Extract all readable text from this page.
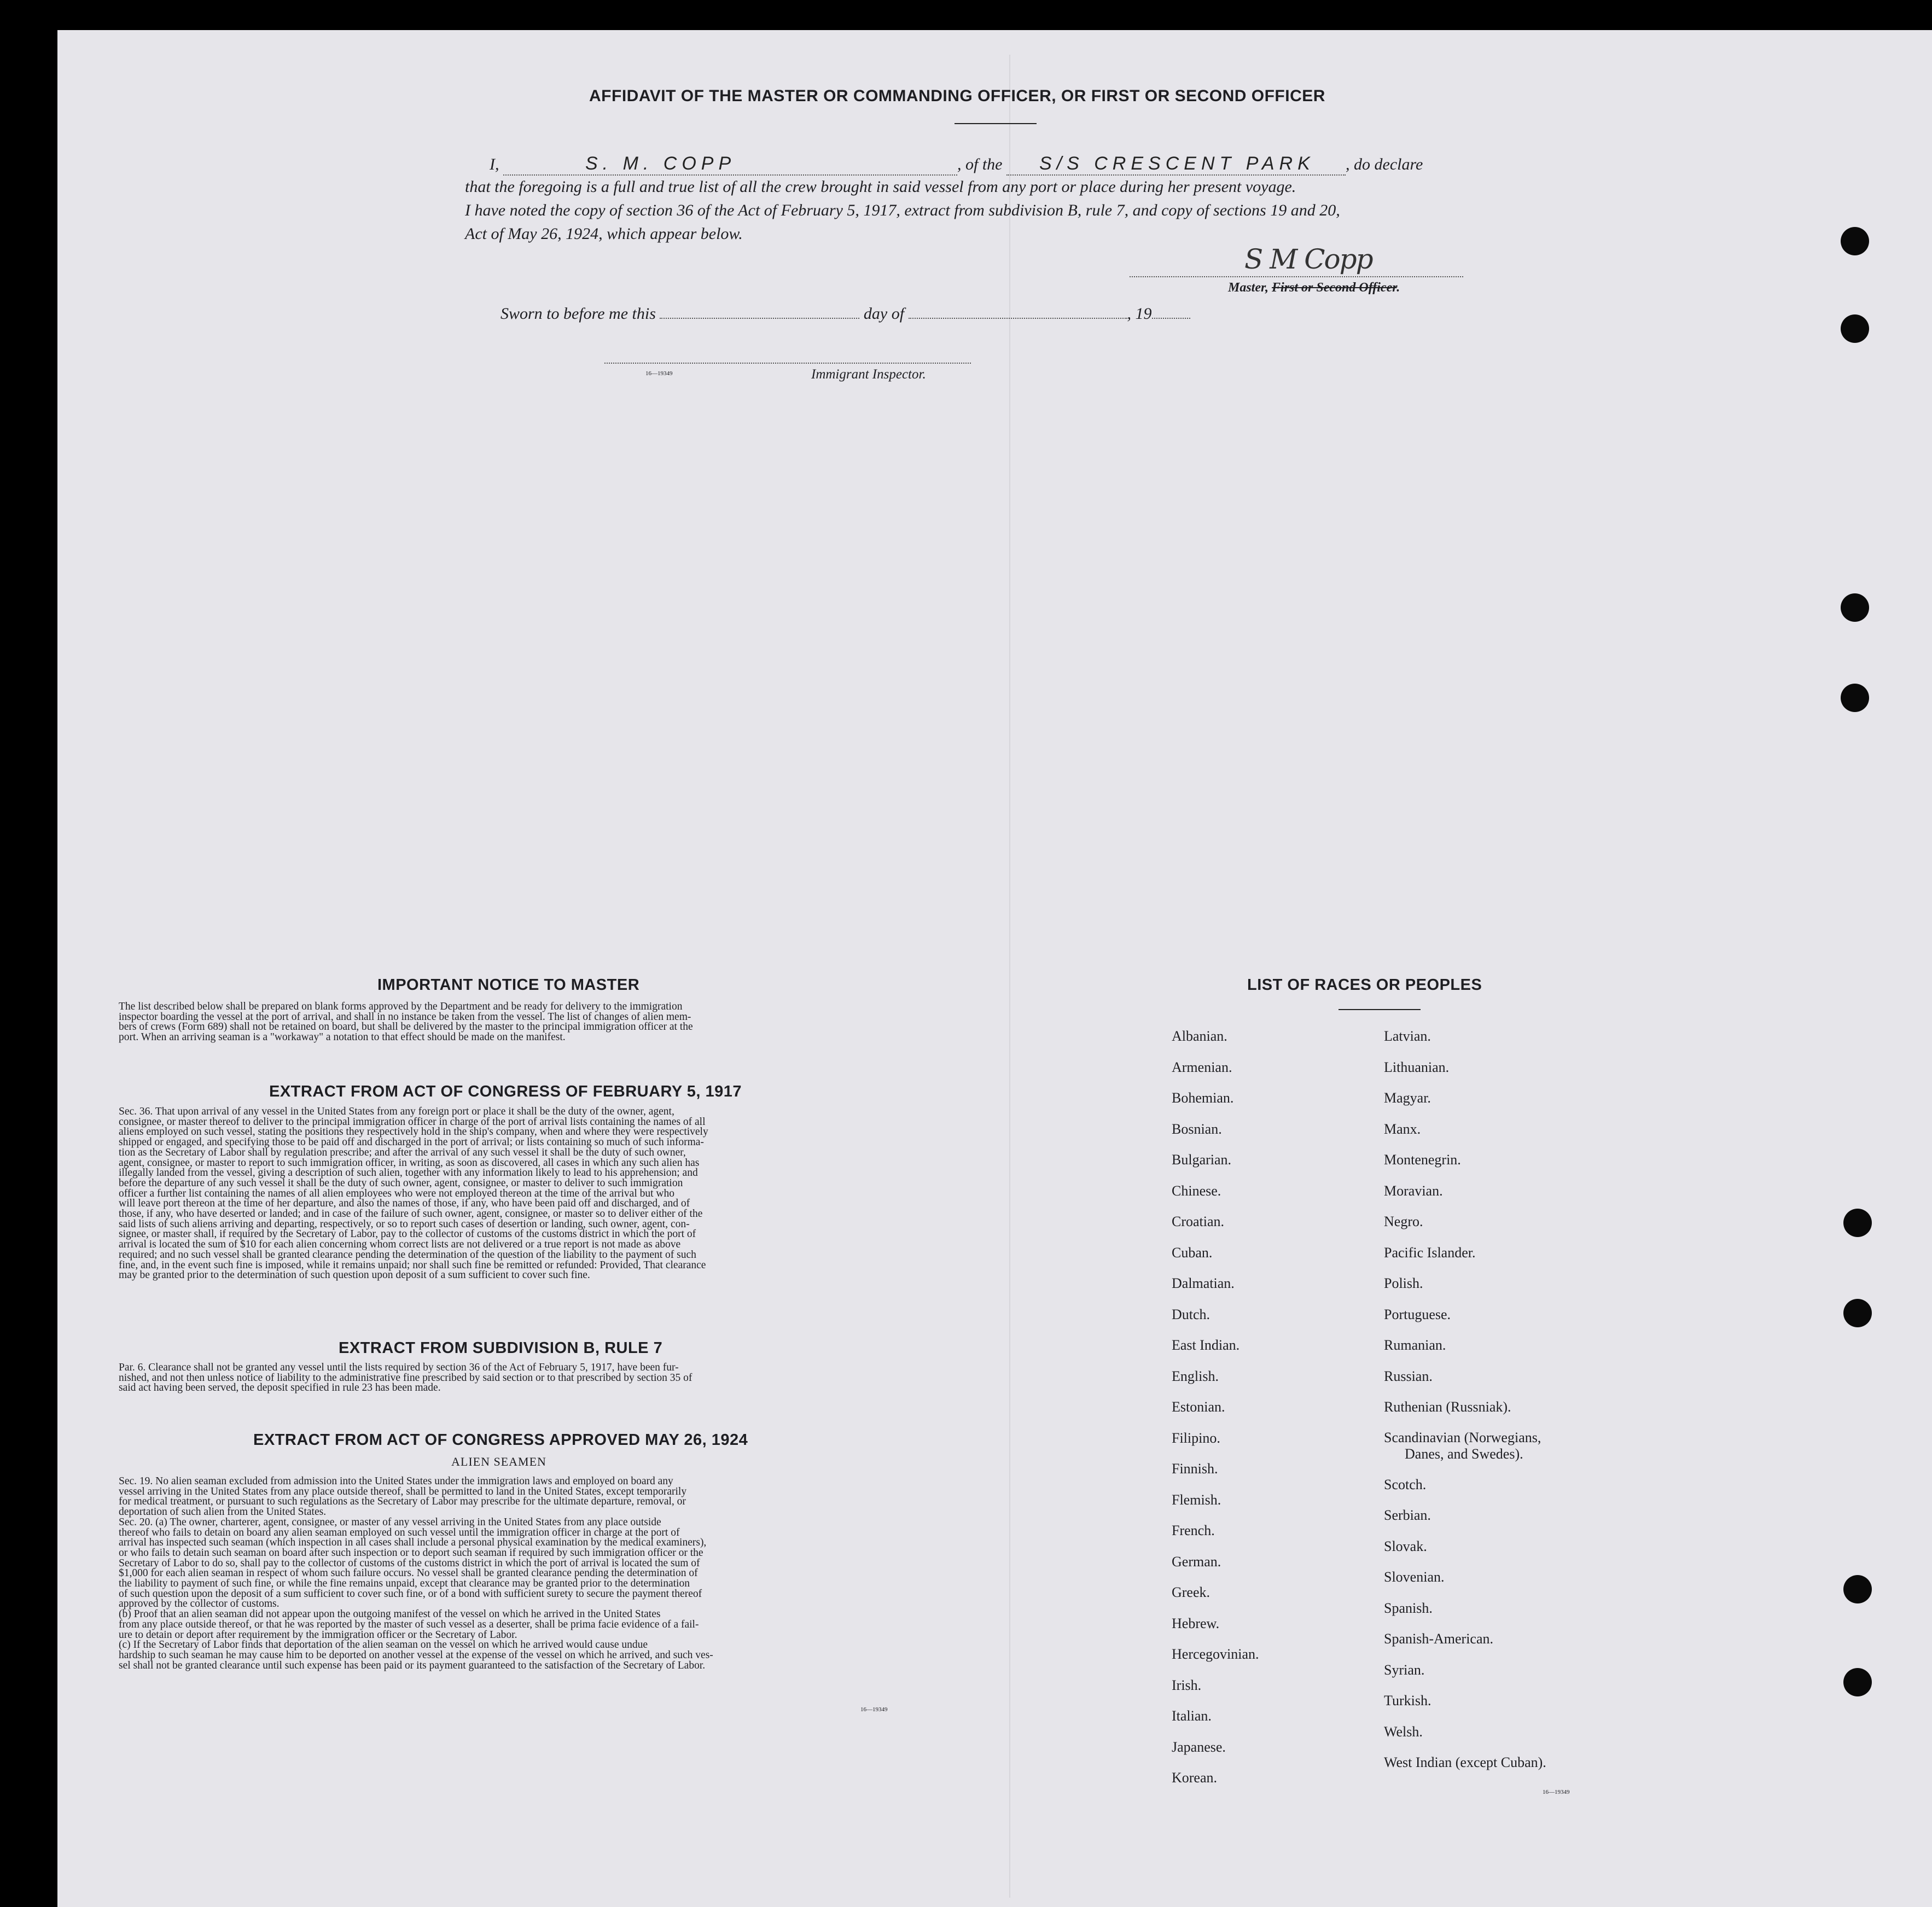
AFFIDAVIT OF THE MASTER OR COMMANDING OFFICER, OR FIRST OR SECOND OFFICER
I,	S. M. COPP	, of the S/S CRESCENT PARK , do declare
that the foregoing is a full and true list of all the crew brought in said vessel from any port or place during her present voyage.
I have noted the copy of section 36 of the Act of February 5, 1917, extract from subdivision B, rule 7, and copy of sections 19 and 20,
Act of May 26, 1924, which appear below.
S M Copp
Master, First or Second Officer.
Sworn to before me this	day of	, 19
16—19349	Immigrant Inspector.
IMPORTANT NOTICE TO MASTER
The list described below shall be prepared on blank forms approved by the Department and be ready for delivery to the immigration
inspector boarding the vessel at the port of arrival, and shall in no instance be taken from the vessel. The list of changes of alien mem-
bers of crews (Form 689) shall not be retained on board, but shall be delivered by the master to the principal immigration officer at the
port. When an arriving seaman is a "workaway" a notation to that effect should be made on the manifest.
EXTRACT FROM ACT OF CONGRESS OF FEBRUARY 5, 1917
Sec. 36. That upon arrival of any vessel in the United States from any foreign port or place it shall be the duty of the owner, agent,
consignee, or master thereof to deliver to the principal immigration officer in charge of the port of arrival lists containing the names of all
aliens employed on such vessel, stating the positions they respectively hold in the ship's company, when and where they were respectively
shipped or engaged, and specifying those to be paid off and discharged in the port of arrival; or lists containing so much of such informa-
tion as the Secretary of Labor shall by regulation prescribe; and after the arrival of any such vessel it shall be the duty of such owner,
agent, consignee, or master to report to such immigration officer, in writing, as soon as discovered, all cases in which any such alien has
illegally landed from the vessel, giving a description of such alien, together with any information likely to lead to his apprehension; and
before the departure of any such vessel it shall be the duty of such owner, agent, consignee, or master to deliver to such immigration
officer a further list containing the names of all alien employees who were not employed thereon at the time of the arrival but who
will leave port thereon at the time of her departure, and also the names of those, if any, who have been paid off and discharged, and of
those, if any, who have deserted or landed; and in case of the failure of such owner, agent, consignee, or master so to deliver either of the
said lists of such aliens arriving and departing, respectively, or so to report such cases of desertion or landing, such owner, agent, con-
signee, or master shall, if required by the Secretary of Labor, pay to the collector of customs of the customs district in which the port of
arrival is located the sum of $10 for each alien concerning whom correct lists are not delivered or a true report is not made as above
required; and no such vessel shall be granted clearance pending the determination of the question of the liability to the payment of such
fine, and, in the event such fine is imposed, while it remains unpaid; nor shall such fine be remitted or refunded: Provided, That clearance
may be granted prior to the determination of such question upon deposit of a sum sufficient to cover such fine.
EXTRACT FROM SUBDIVISION B, RULE 7
Par. 6. Clearance shall not be granted any vessel until the lists required by section 36 of the Act of February 5, 1917, have been fur-
nished, and not then unless notice of liability to the administrative fine prescribed by said section or to that prescribed by section 35 of
said act having been served, the deposit specified in rule 23 has been made.
EXTRACT FROM ACT OF CONGRESS APPROVED MAY 26, 1924
ALIEN SEAMEN
Sec. 19. No alien seaman excluded from admission into the United States under the immigration laws and employed on board any
vessel arriving in the United States from any place outside thereof, shall be permitted to land in the United States, except temporarily
for medical treatment, or pursuant to such regulations as the Secretary of Labor may prescribe for the ultimate departure, removal, or
deportation of such alien from the United States.
Sec. 20. (a) The owner, charterer, agent, consignee, or master of any vessel arriving in the United States from any place outside
thereof who fails to detain on board any alien seaman employed on such vessel until the immigration officer in charge at the port of
arrival has inspected such seaman (which inspection in all cases shall include a personal physical examination by the medical examiners),
or who fails to detain such seaman on board after such inspection or to deport such seaman if required by such immigration officer or the
Secretary of Labor to do so, shall pay to the collector of customs of the customs district in which the port of arrival is located the sum of
$1,000 for each alien seaman in respect of whom such failure occurs. No vessel shall be granted clearance pending the determination of
the liability to payment of such fine, or while the fine remains unpaid, except that clearance may be granted prior to the determination
of such question upon the deposit of a sum sufficient to cover such fine, or of a bond with sufficient surety to secure the payment thereof
approved by the collector of customs.
(b) Proof that an alien seaman did not appear upon the outgoing manifest of the vessel on which he arrived in the United States
from any place outside thereof, or that he was reported by the master of such vessel as a deserter, shall be prima facie evidence of a fail-
ure to detain or deport after requirement by the immigration officer or the Secretary of Labor.
(c) If the Secretary of Labor finds that deportation of the alien seaman on the vessel on which he arrived would cause undue
hardship to such seaman he may cause him to be deported on another vessel at the expense of the vessel on which he arrived, and such ves-
sel shall not be granted clearance until such expense has been paid or its payment guaranteed to the satisfaction of the Secretary of Labor.
16—19349
LIST OF RACES OR PEOPLES
Albanian.
Armenian.
Bohemian.
Bosnian.
Bulgarian.
Chinese.
Croatian.
Cuban.
Dalmatian.
Dutch.
East Indian.
English.
Estonian.
Filipino.
Finnish.
Flemish.
French.
German.
Greek.
Hebrew.
Hercegovinian.
Irish.
Italian.
Japanese.
Korean.
Latvian.
Lithuanian.
Magyar.
Manx.
Montenegrin.
Moravian.
Negro.
Pacific Islander.
Polish.
Portuguese.
Rumanian.
Russian.
Ruthenian (Russniak).
Scandinavian (Norwegians,
Danes, and Swedes).
Scotch.
Serbian.
Slovak.
Slovenian.
Spanish.
Spanish-American.
Syrian.
Turkish.
Welsh.
West Indian (except Cuban).
16—19349
